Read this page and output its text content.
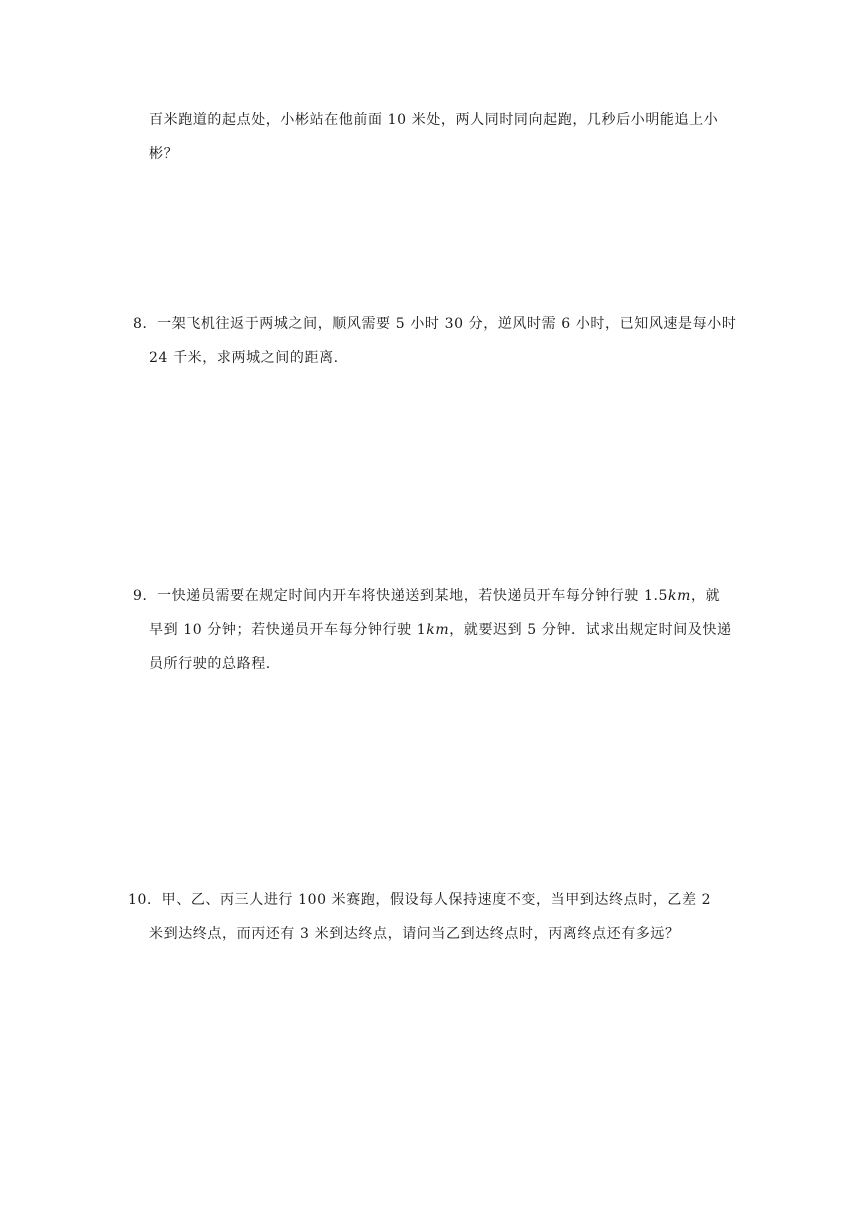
百米跑道的起点处，小彬站在他前面 10 米处，两人同时同向起跑，几秒后小明能追上小
彬？
8．一架飞机往返于两城之间，顺风需要 5 小时 30 分，逆风时需 6 小时，已知风速是每小时
24 千米，求两城之间的距离.
9．一快递员需要在规定时间内开车将快递送到某地，若快递员开车每分钟行驶 1.5km，就
早到 10 分钟；若快递员开车每分钟行驶 1km，就要迟到 5 分钟．试求出规定时间及快递
员所行驶的总路程.
10．甲、乙、丙三人进行 100 米赛跑，假设每人保持速度不变，当甲到达终点时，乙差 2
米到达终点，而丙还有 3 米到达终点，请问当乙到达终点时，丙离终点还有多远？
